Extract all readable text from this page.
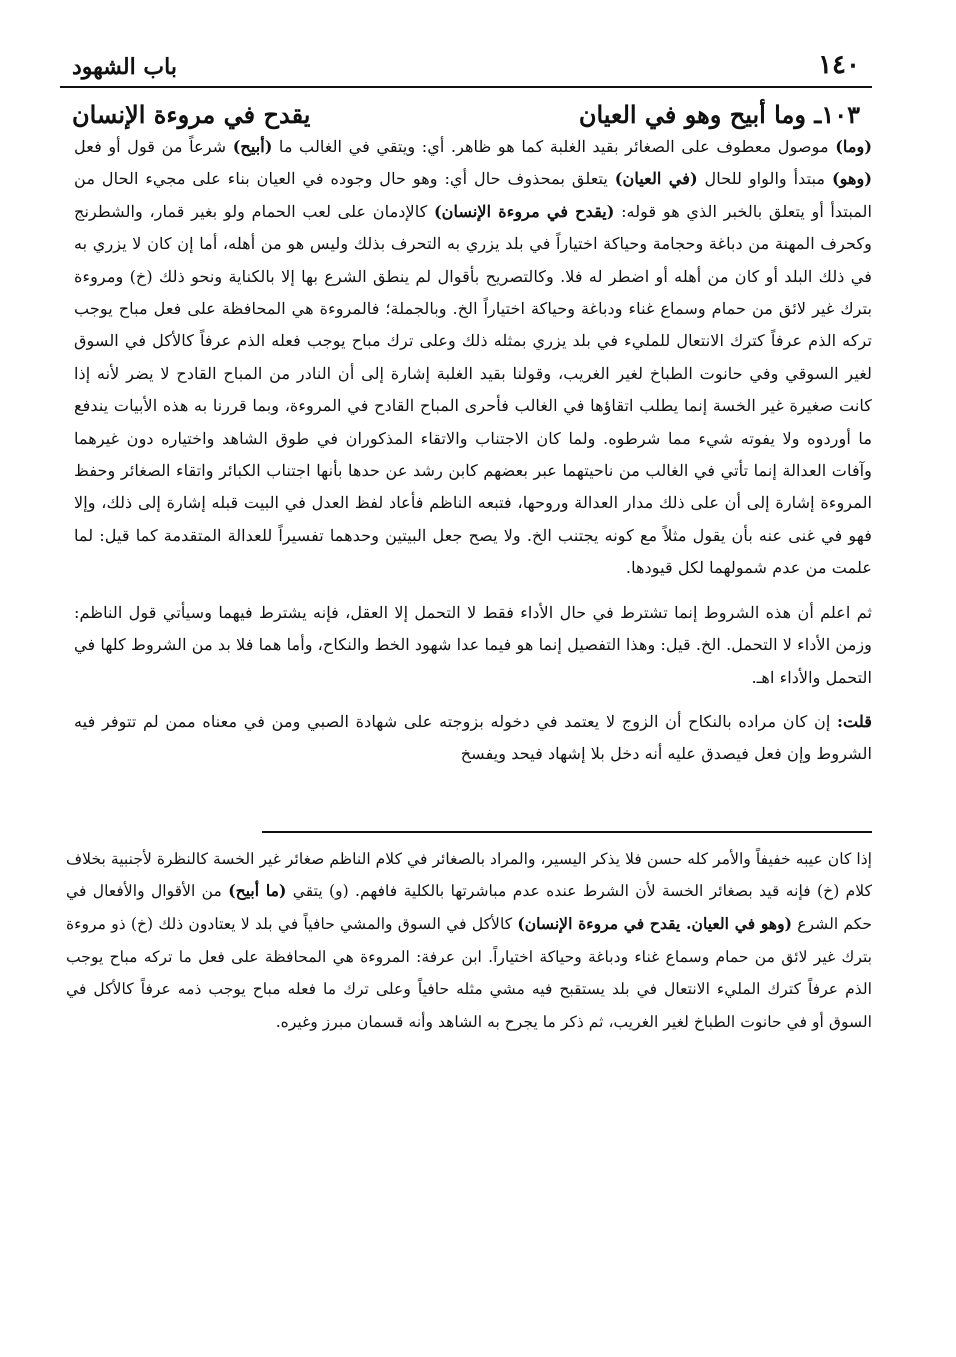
١٤٠
باب الشهود
١٠٣ـ وما أبيح وهو في العيان
يقدح في مروءة الإنسان

(وما) موصول معطوف على الصغائر بقيد الغلبة كما هو ظاهر. أي: ويتقي في الغالب ما (أبيح) شرعاً من قول أو فعل (وهو) مبتدأ والواو للحال (في العيان) يتعلق بمحذوف حال أي: وهو حال وجوده في العيان بناء على مجيء الحال من المبتدأ أو يتعلق بالخبر الذي هو قوله: (يقدح في مروءة الإنسان) كالإدمان على لعب الحمام ولو بغير قمار، والشطرنج وكحرف المهنة من دباغة وحجامة وحياكة اختياراً في بلد يزري به التحرف بذلك وليس هو من أهله، أما إن كان لا يزري به في ذلك البلد أو كان من أهله أو اضطر له فلا. وكالتصريح بأقوال لم ينطق الشرع بها إلا بالكناية ونحو ذلك (خ) ومروءة بترك غير لائق من حمام وسماع غناء ودباغة وحياكة اختياراً الخ. وبالجملة؛ فالمروءة هي المحافظة على فعل مباح يوجب تركه الذم عرفاً كترك الانتعال للمليء في بلد يزري بمثله ذلك وعلى ترك مباح يوجب فعله الذم عرفاً كالأكل في السوق لغير السوقي وفي حانوت الطباخ لغير الغريب، وقولنا بقيد الغلبة إشارة إلى أن النادر من المباح القادح لا يضر لأنه إذا كانت صغيرة غير الخسة إنما يطلب اتقاؤها في الغالب فأحرى المباح القادح في المروءة، وبما قررنا به هذه الأبيات يندفع ما أوردوه ولا يفوته شيء مما شرطوه. ولما كان الاجتناب والاتقاء المذكوران في طوق الشاهد واختياره دون غيرهما وآفات العدالة إنما تأتي في الغالب من ناحيتهما عبر بعضهم كابن رشد عن حدها بأنها اجتناب الكبائر واتقاء الصغائر وحفظ المروءة إشارة إلى أن على ذلك مدار العدالة وروحها، فتبعه الناظم فأعاد لفظ العدل في البيت قبله إشارة إلى ذلك، وإلا فهو في غنى عنه بأن يقول مثلاً مع كونه يجتنب الخ. ولا يصح جعل البيتين وحدهما تفسيراً للعدالة المتقدمة كما قيل: لما علمت من عدم شمولهما لكل قيودها.

ثم اعلم أن هذه الشروط إنما تشترط في حال الأداء فقط لا التحمل إلا العقل، فإنه يشترط فيهما وسيأتي قول الناظم: وزمن الأداء لا التحمل. الخ. قيل: وهذا التفصيل إنما هو فيما عدا شهود الخط والنكاح، وأما هما فلا بد من الشروط كلها في التحمل والأداء اهـ.

قلت: إن كان مراده بالنكاح أن الزوج لا يعتمد في دخوله بزوجته على شهادة الصبي ومن في معناه ممن لم تتوفر فيه الشروط وإن فعل فيصدق عليه أنه دخل بلا إشهاد فيحد ويفسخ

إذا كان عيبه خفيفاً والأمر كله حسن فلا يذكر اليسير، والمراد بالصغائر في كلام الناظم صغائر غير الخسة كالنظرة لأجنبية بخلاف كلام (خ) فإنه قيد بصغائر الخسة لأن الشرط عنده عدم مباشرتها بالكلية فافهم. (و) يتقي (ما أبيح) من الأقوال والأفعال في حكم الشرع (وهو في العيان. يقدح في مروءة الإنسان) كالأكل في السوق والمشي حافياً في بلد لا يعتادون ذلك (خ) ذو مروءة بترك غير لائق من حمام وسماع غناء ودباغة وحياكة اختياراً. ابن عرفة: المروءة هي المحافظة على فعل ما تركه مباح يوجب الذم عرفاً كترك المليء الانتعال في بلد يستقبح فيه مشي مثله حافياً وعلى ترك ما فعله مباح يوجب ذمه عرفاً كالأكل في السوق أو في حانوت الطباخ لغير الغريب، ثم ذكر ما يجرح به الشاهد وأنه قسمان مبرز وغيره.
